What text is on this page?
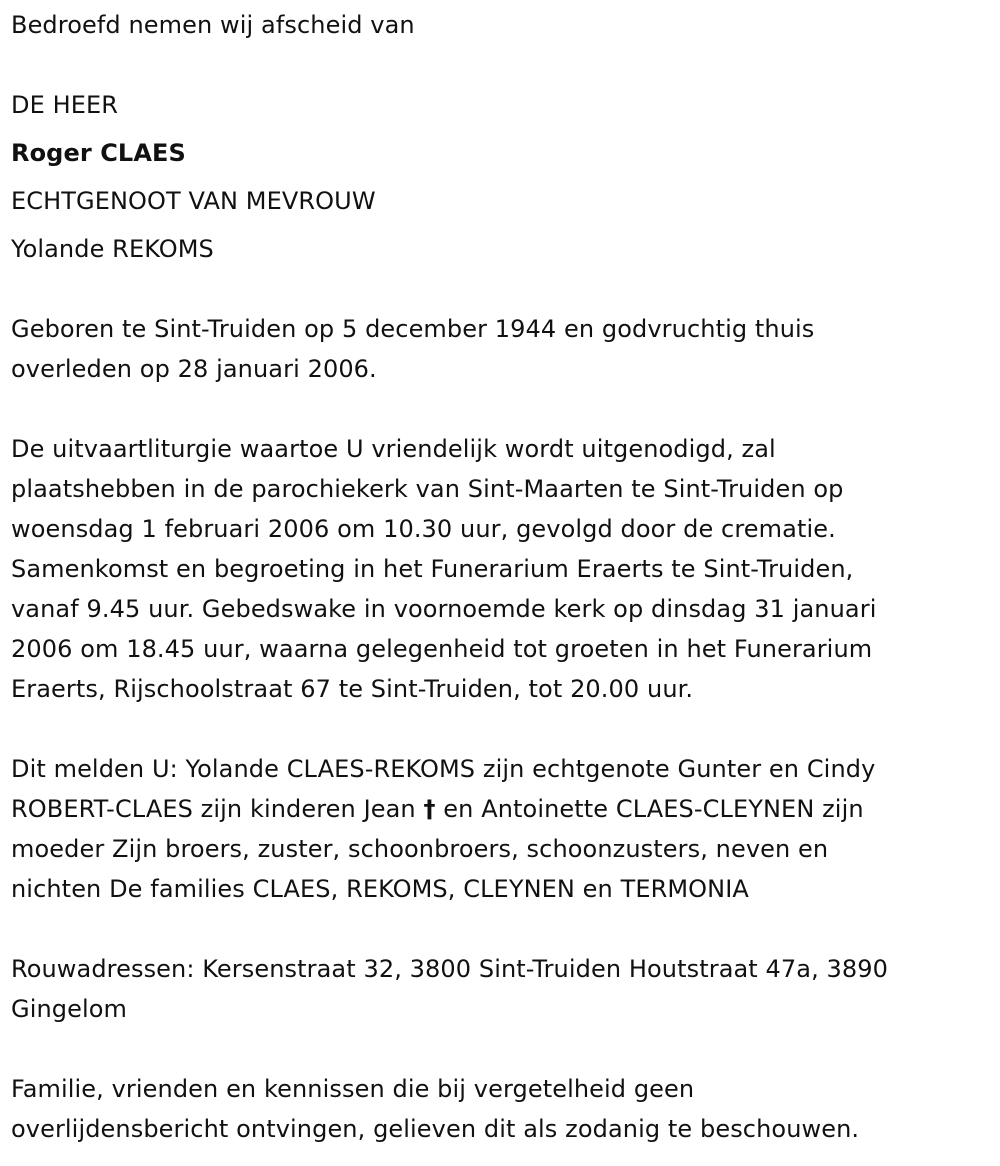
Bedroefd nemen wij afscheid van
DE HEER
Roger CLAES
ECHTGENOOT VAN MEVROUW
Yolande REKOMS
Geboren te Sint-Truiden op 5 december 1944 en godvruchtig thuis
overleden op 28 januari 2006.
De uitvaartliturgie waartoe U vriendelijk wordt uitgenodigd, zal
plaatshebben in de parochiekerk van Sint-Maarten te Sint-Truiden op
woensdag 1 februari 2006 om 10.30 uur, gevolgd door de crematie.
Samenkomst en begroeting in het Funerarium Eraerts te Sint-Truiden,
vanaf 9.45 uur. Gebedswake in voornoemde kerk op dinsdag 31 januari
2006 om 18.45 uur, waarna gelegenheid tot groeten in het Funerarium
Eraerts, Rijschoolstraat 67 te Sint-Truiden, tot 20.00 uur.
Dit melden U: Yolande CLAES-REKOMS zijn echtgenote Gunter en Cindy
ROBERT-CLAES zijn kinderen Jean † en Antoinette CLAES-CLEYNEN zijn
moeder Zijn broers, zuster, schoonbroers, schoonzusters, neven en
nichten De families CLAES, REKOMS, CLEYNEN en TERMONIA
Rouwadressen: Kersenstraat 32, 3800 Sint-Truiden Houtstraat 47a, 3890
Gingelom
Familie, vrienden en kennissen die bij vergetelheid geen
overlijdensbericht ontvingen, gelieven dit als zodanig te beschouwen.
